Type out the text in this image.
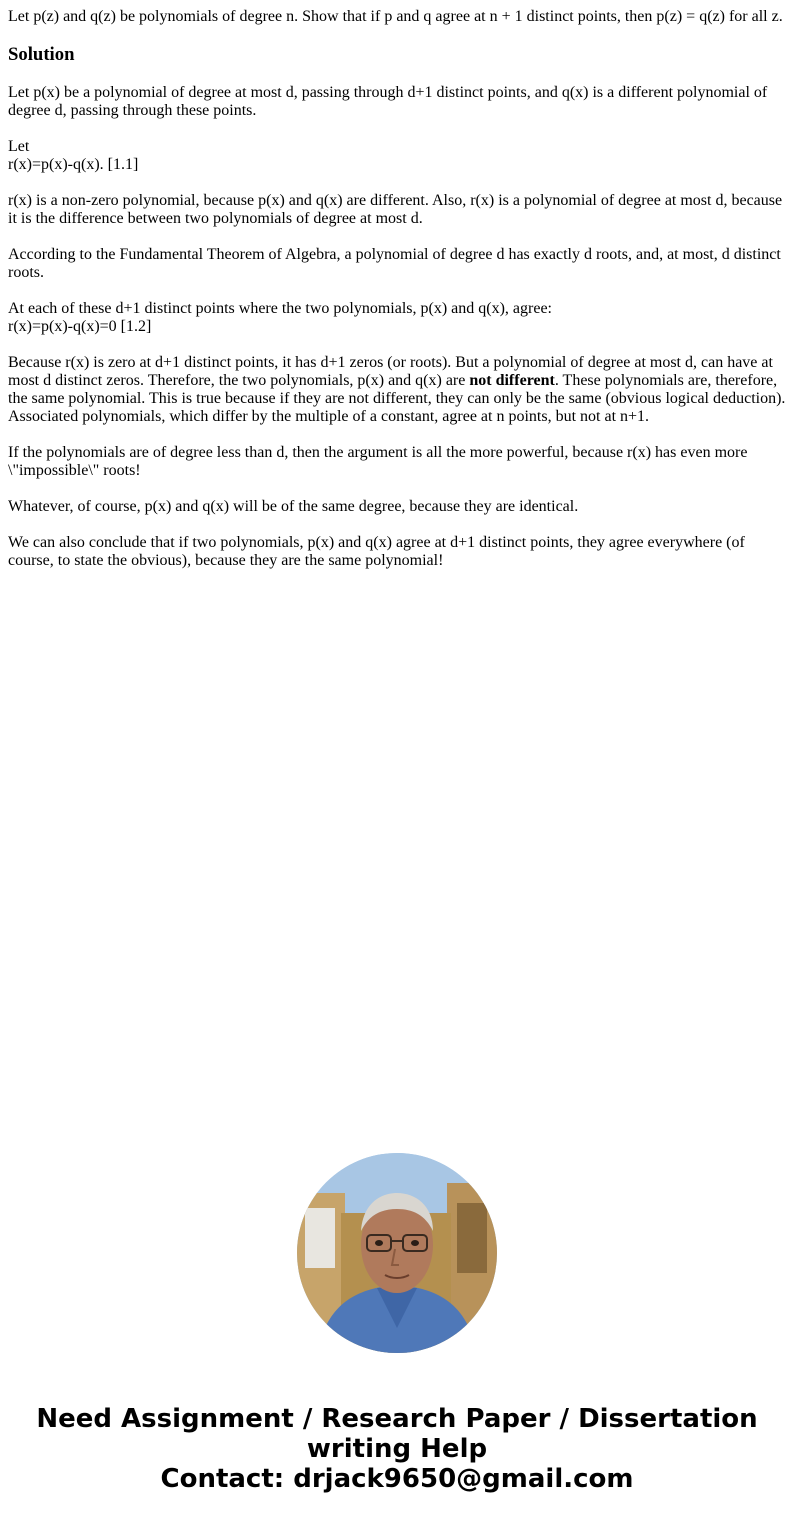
Let p(z) and q(z) be polynomials of degree n. Show that if p and q agree at n + 1 distinct points, then p(z) = q(z) for all z.

Solution

Let p(x) be a polynomial of degree at most d, passing through d+1 distinct points, and q(x) is a different polynomial of degree d, passing through these points.

Let
r(x)=p(x)-q(x). [1.1]

r(x) is a non-zero polynomial, because p(x) and q(x) are different. Also, r(x) is a polynomial of degree at most d, because it is the difference between two polynomials of degree at most d.

According to the Fundamental Theorem of Algebra, a polynomial of degree d has exactly d roots, and, at most, d distinct roots.

At each of these d+1 distinct points where the two polynomials, p(x) and q(x), agree:
r(x)=p(x)-q(x)=0 [1.2]

Because r(x) is zero at d+1 distinct points, it has d+1 zeros (or roots). But a polynomial of degree at most d, can have at most d distinct zeros. Therefore, the two polynomials, p(x) and q(x) are not different. These polynomials are, therefore, the same polynomial. This is true because if they are not different, they can only be the same (obvious logical deduction). Associated polynomials, which differ by the multiple of a constant, agree at n points, but not at n+1.

If the polynomials are of degree less than d, then the argument is all the more powerful, because r(x) has even more \"impossible\" roots!

Whatever, of course, p(x) and q(x) will be of the same degree, because they are identical.

We can also conclude that if two polynomials, p(x) and q(x) agree at d+1 distinct points, they agree everywhere (of course, to state the obvious), because they are the same polynomial!

Need Assignment / Research Paper / Dissertation
writing Help
Contact: drjack9650@gmail.com
